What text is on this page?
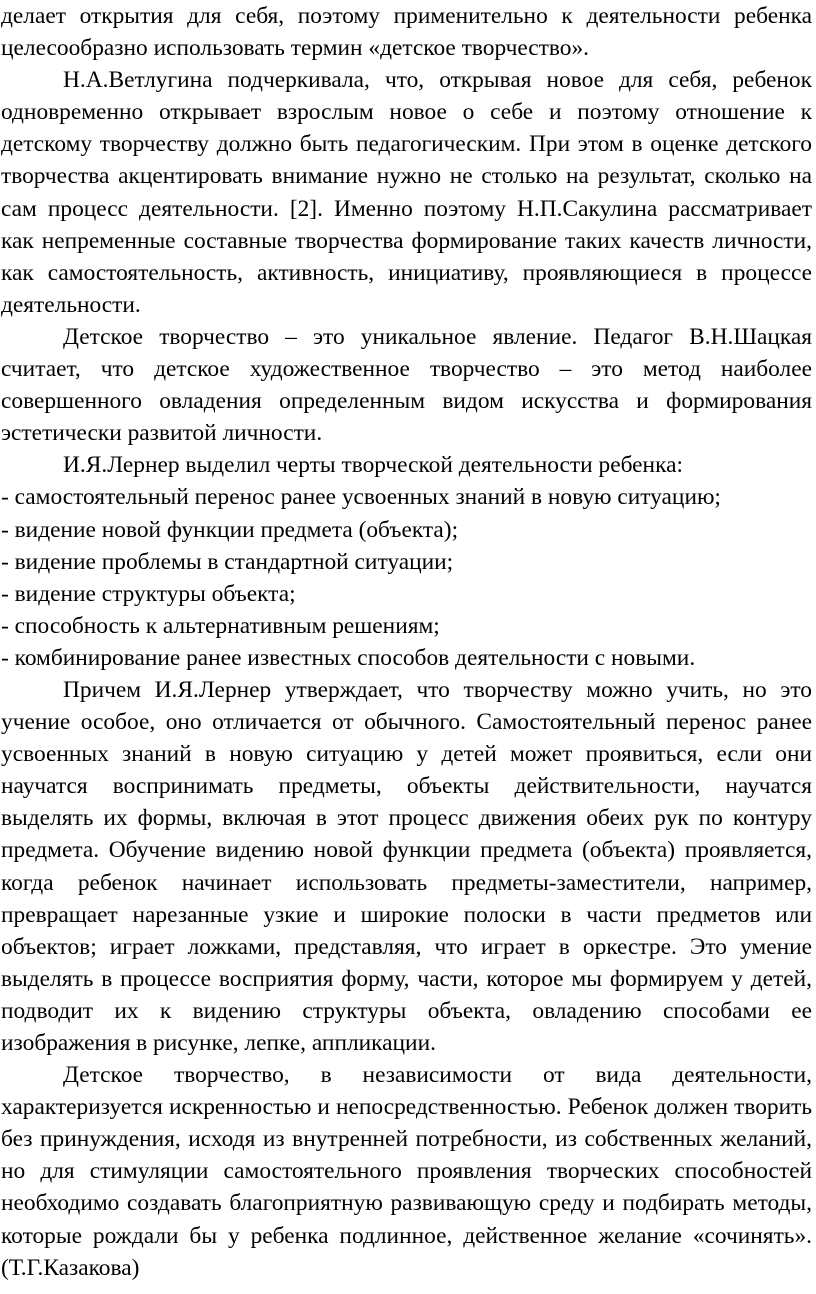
делает открытия для себя, поэтому применительно к деятельности ребенка целесообразно использовать термин «детское творчество».

Н.А.Ветлугина подчеркивала, что, открывая новое для себя, ребенок одновременно открывает взрослым новое о себе и поэтому отношение к детскому творчеству должно быть педагогическим. При этом в оценке детского творчества акцентировать внимание нужно не столько на результат, сколько на сам процесс деятельности. [2]. Именно поэтому Н.П.Сакулина рассматривает как непременные составные творчества формирование таких качеств личности, как самостоятельность, активность, инициативу, проявляющиеся в процессе деятельности.

Детское творчество – это уникальное явление. Педагог В.Н.Шацкая считает, что детское художественное творчество – это метод наиболее совершенного овладения определенным видом искусства и формирования эстетически развитой личности.

И.Я.Лернер выделил черты творческой деятельности ребенка:

- самостоятельный перенос ранее усвоенных знаний в новую ситуацию;

- видение новой функции предмета (объекта);

- видение проблемы в стандартной ситуации;

- видение структуры объекта;

- способность к альтернативным решениям;

- комбинирование ранее известных способов деятельности с новыми.

Причем И.Я.Лернер утверждает, что творчеству можно учить, но это учение особое, оно отличается от обычного. Самостоятельный перенос ранее усвоенных знаний в новую ситуацию у детей может проявиться, если они научатся воспринимать предметы, объекты действительности, научатся выделять их формы, включая в этот процесс движения обеих рук по контуру предмета. Обучение видению новой функции предмета (объекта) проявляется, когда ребенок начинает использовать предметы-заместители, например, превращает нарезанные узкие и широкие полоски в части предметов или объектов; играет ложками, представляя, что играет в оркестре. Это умение выделять в процессе восприятия форму, части, которое мы формируем у детей, подводит их к видению структуры объекта, овладению способами ее изображения в рисунке, лепке, аппликации.

Детское творчество, в независимости от вида деятельности, характеризуется искренностью и непосредственностью. Ребенок должен творить без принуждения, исходя из внутренней потребности, из собственных желаний, но для стимуляции самостоятельного проявления творческих способностей необходимо создавать благоприятную развивающую среду и подбирать методы, которые рождали бы у ребенка подлинное, действенное желание «сочинять». (Т.Г.Казакова)
